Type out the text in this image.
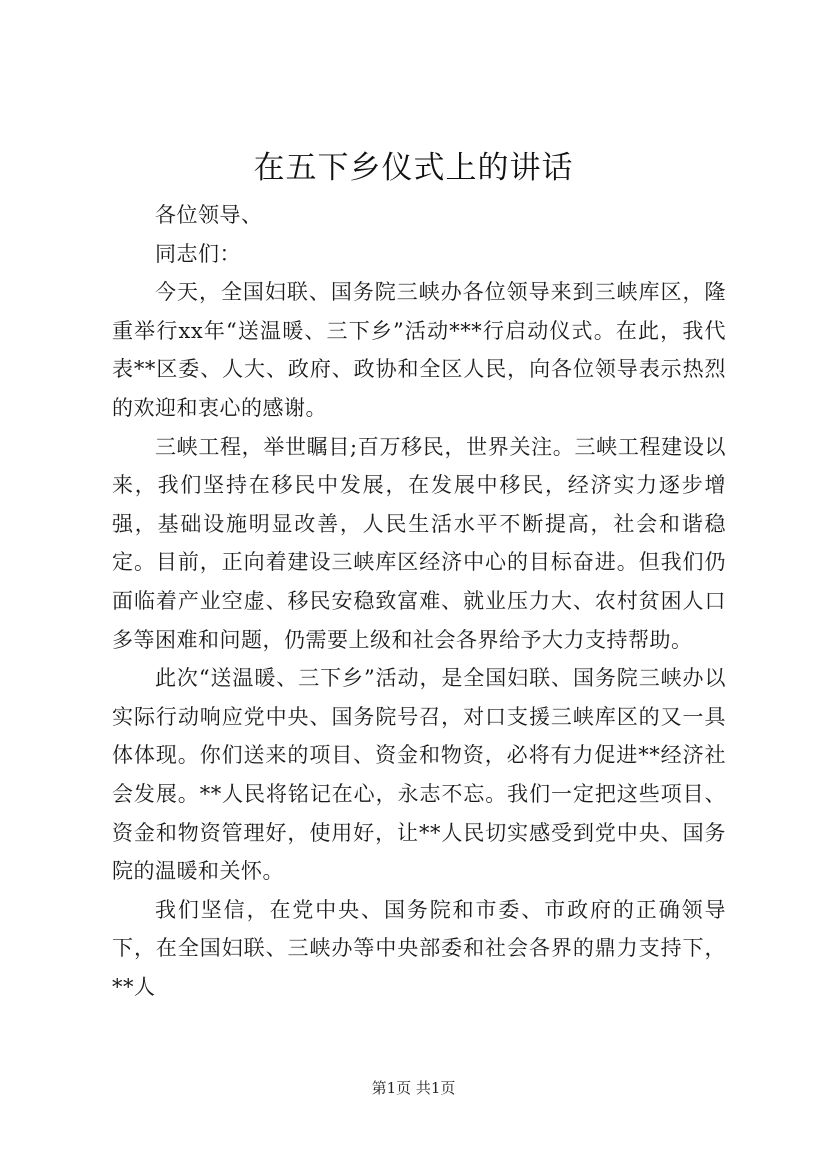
在五下乡仪式上的讲话

各位领导、

同志们：

今天，全国妇联、国务院三峡办各位领导来到三峡库区，隆重举行xx年“送温暖、三下乡”活动***行启动仪式。在此，我代表**区委、人大、政府、政协和全区人民，向各位领导表示热烈的欢迎和衷心的感谢。

三峡工程，举世瞩目;百万移民，世界关注。三峡工程建设以来，我们坚持在移民中发展，在发展中移民，经济实力逐步增强，基础设施明显改善，人民生活水平不断提高，社会和谐稳定。目前，正向着建设三峡库区经济中心的目标奋进。但我们仍面临着产业空虚、移民安稳致富难、就业压力大、农村贫困人口多等困难和问题，仍需要上级和社会各界给予大力支持帮助。

此次“送温暖、三下乡”活动，是全国妇联、国务院三峡办以实际行动响应党中央、国务院号召，对口支援三峡库区的又一具体体现。你们送来的项目、资金和物资，必将有力促进**经济社会发展。**人民将铭记在心，永志不忘。我们一定把这些项目、资金和物资管理好，使用好，让**人民切实感受到党中央、国务院的温暖和关怀。

我们坚信，在党中央、国务院和市委、市政府的正确领导下，在全国妇联、三峡办等中央部委和社会各界的鼎力支持下，**人

第1页 共1页
